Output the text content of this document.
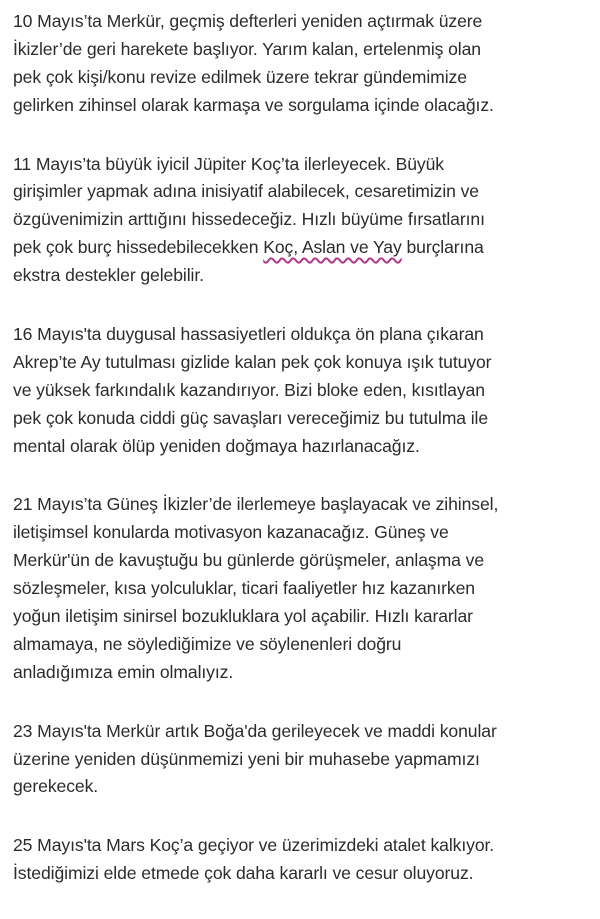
10 Mayıs’ta Merkür, geçmiş defterleri yeniden açtırmak üzere
İkizler’de geri harekete başlıyor. Yarım kalan, ertelenmiş olan
pek çok kişi/konu revize edilmek üzere tekrar gündemimize
gelirken zihinsel olarak karmaşa ve sorgulama içinde olacağız.

11 Mayıs’ta büyük iyicil Jüpiter Koç’ta ilerleyecek. Büyük
girişimler yapmak adına inisiyatif alabilecek, cesaretimizin ve
özgüvenimizin arttığını hissedeceğiz. Hızlı büyüme fırsatlarını
pek çok burç hissedebilecekken Koç, Aslan ve Yay burçlarına
ekstra destekler gelebilir.

16 Mayıs'ta duygusal hassasiyetleri oldukça ön plana çıkaran
Akrep’te Ay tutulması gizlide kalan pek çok konuya ışık tutuyor
ve yüksek farkındalık kazandırıyor. Bizi bloke eden, kısıtlayan
pek çok konuda ciddi güç savaşları vereceğimiz bu tutulma ile
mental olarak ölüp yeniden doğmaya hazırlanacağız.

21 Mayıs’ta Güneş İkizler’de ilerlemeye başlayacak ve zihinsel,
iletişimsel konularda motivasyon kazanacağız. Güneş ve
Merkür'ün de kavuştuğu bu günlerde görüşmeler, anlaşma ve
sözleşmeler, kısa yolculuklar, ticari faaliyetler hız kazanırken
yoğun iletişim sinirsel bozukluklara yol açabilir. Hızlı kararlar
almamaya, ne söylediğimize ve söylenenleri doğru
anladığımıza emin olmalıyız.

23 Mayıs'ta Merkür artık Boğa'da gerileyecek ve maddi konular
üzerine yeniden düşünmemizi yeni bir muhasebe yapmamızı
gerekecek.

25 Mayıs'ta Mars Koç’a geçiyor ve üzerimizdeki atalet kalkıyor.
İstediğimizi elde etmede çok daha kararlı ve cesur oluyoruz.
